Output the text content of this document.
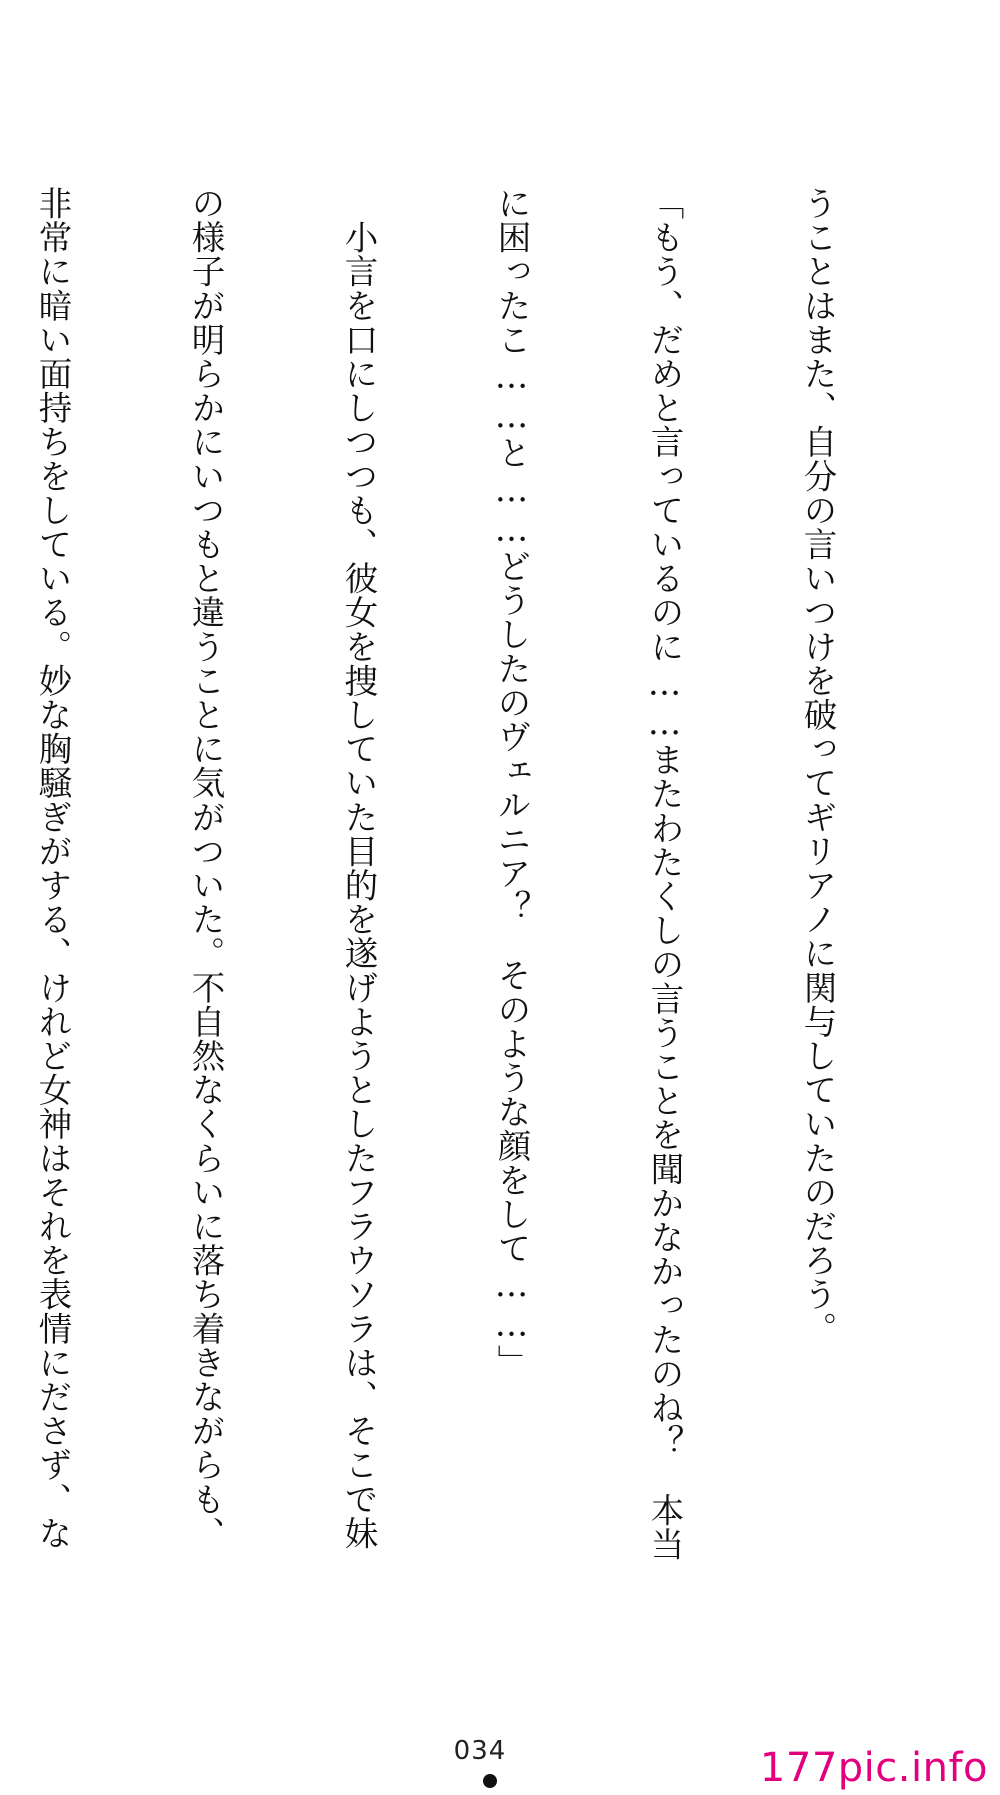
うことはまた、自分の言いつけを破ってギリアノに関与していたのだろう。

「もう、だめと言っているのに……またわたくしの言うことを聞かなかったのね？　本当

に困ったこ……と……どうしたのヴェルニア？　そのような顔をして……」

　小言を口にしつつも、彼女を捜していた目的を遂げようとしたフラウソラは、そこで妹

の様子が明らかにいつもと違うことに気がついた。不自然なくらいに落ち着きながらも、

非常に暗い面持ちをしている。妙な胸騒ぎがする、けれど女神はそれを表情にださず、な

034	177pic.info
